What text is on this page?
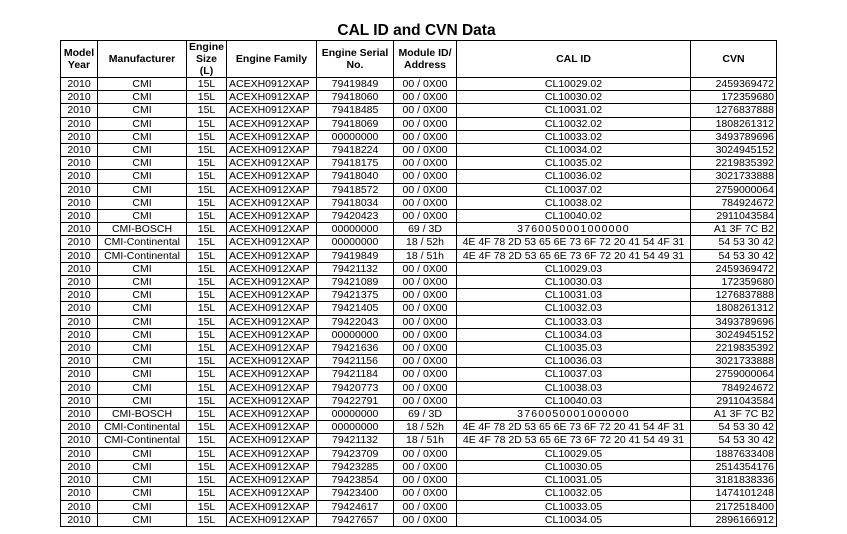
CAL ID and CVN Data
Model Year	Manufacturer	Engine Size (L)	Engine Family	Engine Serial No.	Module ID/ Address	CAL ID	CVN
2010	CMI	15L	ACEXH0912XAP	79419849	00 / 0X00	CL10029.02	2459369472
2010	CMI	15L	ACEXH0912XAP	79418060	00 / 0X00	CL10030.02	172359680
2010	CMI	15L	ACEXH0912XAP	79418485	00 / 0X00	CL10031.02	1276837888
2010	CMI	15L	ACEXH0912XAP	79418069	00 / 0X00	CL10032.02	1808261312
2010	CMI	15L	ACEXH0912XAP	00000000	00 / 0X00	CL10033.02	3493789696
2010	CMI	15L	ACEXH0912XAP	79418224	00 / 0X00	CL10034.02	3024945152
2010	CMI	15L	ACEXH0912XAP	79418175	00 / 0X00	CL10035.02	2219835392
2010	CMI	15L	ACEXH0912XAP	79418040	00 / 0X00	CL10036.02	3021733888
2010	CMI	15L	ACEXH0912XAP	79418572	00 / 0X00	CL10037.02	2759000064
2010	CMI	15L	ACEXH0912XAP	79418034	00 / 0X00	CL10038.02	784924672
2010	CMI	15L	ACEXH0912XAP	79420423	00 / 0X00	CL10040.02	2911043584
2010	CMI-BOSCH	15L	ACEXH0912XAP	00000000	69 / 3D	3760050001000000	A1 3F 7C B2
2010	CMI-Continental	15L	ACEXH0912XAP	00000000	18 / 52h	4E 4F 78 2D 53 65 6E 73 6F 72 20 41 54 4F 31	54 53 30 42
2010	CMI-Continental	15L	ACEXH0912XAP	79419849	18 / 51h	4E 4F 78 2D 53 65 6E 73 6F 72 20 41 54 49 31	54 53 30 42
2010	CMI	15L	ACEXH0912XAP	79421132	00 / 0X00	CL10029.03	2459369472
2010	CMI	15L	ACEXH0912XAP	79421089	00 / 0X00	CL10030.03	172359680
2010	CMI	15L	ACEXH0912XAP	79421375	00 / 0X00	CL10031.03	1276837888
2010	CMI	15L	ACEXH0912XAP	79421405	00 / 0X00	CL10032.03	1808261312
2010	CMI	15L	ACEXH0912XAP	79422043	00 / 0X00	CL10033.03	3493789696
2010	CMI	15L	ACEXH0912XAP	00000000	00 / 0X00	CL10034.03	3024945152
2010	CMI	15L	ACEXH0912XAP	79421636	00 / 0X00	CL10035.03	2219835392
2010	CMI	15L	ACEXH0912XAP	79421156	00 / 0X00	CL10036.03	3021733888
2010	CMI	15L	ACEXH0912XAP	79421184	00 / 0X00	CL10037.03	2759000064
2010	CMI	15L	ACEXH0912XAP	79420773	00 / 0X00	CL10038.03	784924672
2010	CMI	15L	ACEXH0912XAP	79422791	00 / 0X00	CL10040.03	2911043584
2010	CMI-BOSCH	15L	ACEXH0912XAP	00000000	69 / 3D	3760050001000000	A1 3F 7C B2
2010	CMI-Continental	15L	ACEXH0912XAP	00000000	18 / 52h	4E 4F 78 2D 53 65 6E 73 6F 72 20 41 54 4F 31	54 53 30 42
2010	CMI-Continental	15L	ACEXH0912XAP	79421132	18 / 51h	4E 4F 78 2D 53 65 6E 73 6F 72 20 41 54 49 31	54 53 30 42
2010	CMI	15L	ACEXH0912XAP	79423709	00 / 0X00	CL10029.05	1887633408
2010	CMI	15L	ACEXH0912XAP	79423285	00 / 0X00	CL10030.05	2514354176
2010	CMI	15L	ACEXH0912XAP	79423854	00 / 0X00	CL10031.05	3181838336
2010	CMI	15L	ACEXH0912XAP	79423400	00 / 0X00	CL10032.05	1474101248
2010	CMI	15L	ACEXH0912XAP	79424617	00 / 0X00	CL10033.05	2172518400
2010	CMI	15L	ACEXH0912XAP	79427657	00 / 0X00	CL10034.05	2896166912
